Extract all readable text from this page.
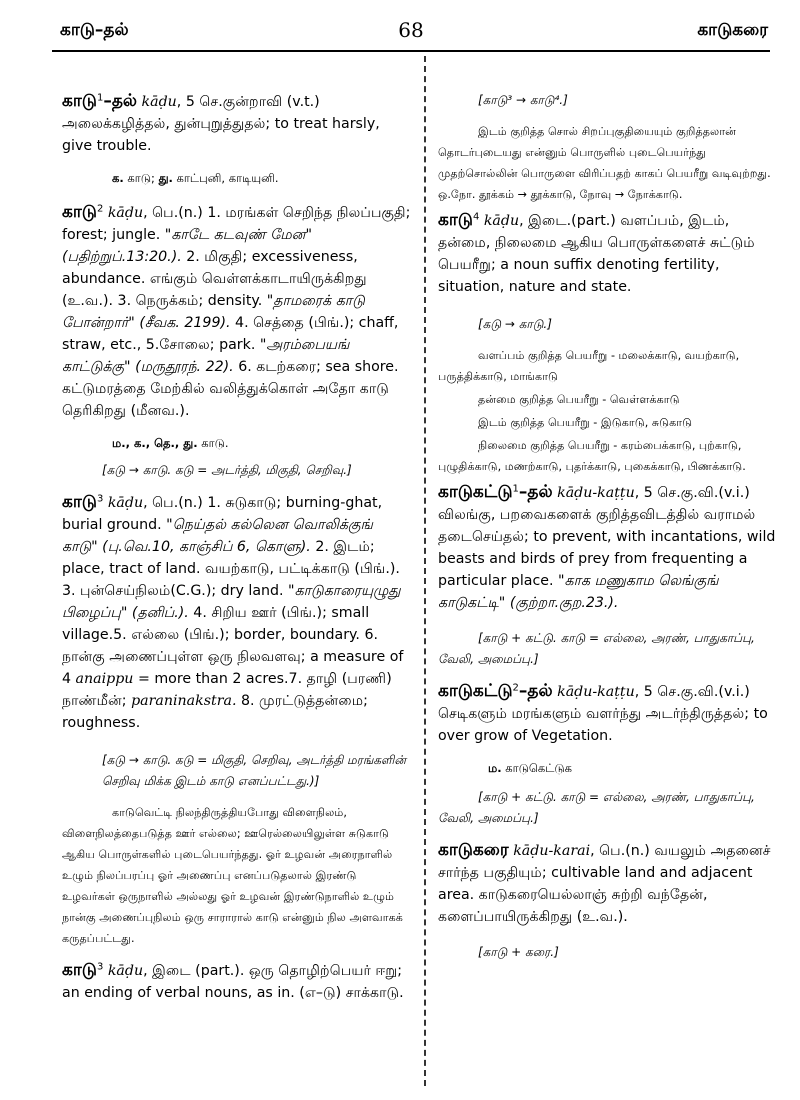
காடு–தல்	68	காடுகரை

காடு$^1$–தல் kāḍu, 5 செ.குன்றாவி (v.t.) அலைக்கழித்தல், துன்புறுத்துதல்; to treat harsly, give trouble.

க. காடு; து. காட்புனி, காடியுனி.

காடு$^2$ kāḍu, பெ.(n.) 1. மரங்கள் செறிந்த நிலப்பகுதி; forest; jungle. "காடே கடவுண் மேன" (பதிற்றுப்.13:20.). 2. மிகுதி; excessiveness, abundance. எங்கும் வெள்ளக்காடாயிருக்கிறது (உ.வ.). 3. நெருக்கம்; density. "தாமரைக் காடு போன்றார்" (சீவக. 2199). 4. செத்தை (பிங்.); chaff, straw, etc., 5.சோலை; park. "அரம்பையங் காட்டுக்கு" (மருதூரந். 22). 6. கடற்கரை; sea shore. கட்டுமரத்தை மேற்கில் வலித்துக்கொள் அதோ காடு தெரிகிறது (மீனவ.).

ம., க., தெ., து. காடு.

[கடு → காடு. கடு = அடர்த்தி, மிகுதி, செறிவு.]

காடு$^3$ kāḍu, பெ.(n.) 1. சுடுகாடு; burning-ghat, burial ground. "நெய்தல் கல்லென வொலிக்குங் காடு" (பு.வெ.10, காஞ்சிப் 6, கொளு). 2. இடம்; place, tract of land. வயற்காடு, பட்டிக்காடு (பிங்.). 3. புன்செய்நிலம்(C.G.); dry land. "காடுகாரையுழுது பிழைப்பு" (தனிப்.). 4. சிறிய ஊர் (பிங்.); small village.5. எல்லை (பிங்.); border, boundary. 6. நான்கு அணைப்புள்ள ஒரு நிலவளவு; a measure of 4 anaippu = more than 2 acres.7. தாழி (பரணி) நாண்மீன்; paraninakstra. 8. முரட்டுத்தன்மை; roughness.

[கடு → காடு. கடு = மிகுதி, செறிவு, அடர்த்தி மரங்களின் செறிவு மிக்க இடம் காடு எனப்பட்டது.)]

காடுவெட்டி நிலந்திருத்தியபோது விளைநிலம், விளைநிலத்தைபடுத்த ஊர் எல்லை; ஊரெல்லையிலுள்ள சுடுகாடு ஆகிய பொருள்களில் புடைபெயர்ந்தது. ஓர் உழவன் அரைநாளில் உழும் நிலப்பரப்பு ஓர் அணைப்பு எனப்படுதலால் இரண்டு உழவர்கள் ஒருநாளில் அல்லது ஓர் உழவன் இரண்டுநாளில் உழும் நான்கு அணைப்புநிலம் ஒரு சாராரால் காடு என்னும் நில அளவாகக் கருதப்பட்டது.

காடு$^3$ kāḍu, இடை (part.). ஒரு தொழிற்பெயர் ஈறு; an ending of verbal nouns, as in. (எ–டு) சாக்காடு.

[காடு³ → காடு⁴.]

இடம் குறித்த சொல் சிறப்புகுதியையும் குறித்தலான் தொடர்புடையது என்னும் பொருளில் புடைபெயர்ந்து முதற்சொல்லின் பொருளை விரிப்பதற் காகப் பெயரீறு வடிவுற்றது. ஒ.நோ. தூக்கம் → தூக்காடு, நோவு → நோக்காடு.

காடு$^4$ kāḍu, இடை.(part.) வளப்பம், இடம், தன்மை, நிலைமை ஆகிய பொருள்களைச் சுட்டும் பெயரீறு; a noun suffix denoting fertility, situation, nature and state.

[கடு → காடு.]

வளப்பம் குறித்த பெயரீறு - மலைக்காடு, வயற்காடு, பருத்திக்காடு, மாங்காடு

தன்மை குறித்த பெயரீறு - வெள்ளக்காடு

இடம் குறித்த பெயரீறு - இடுகாடு, சுடுகாடு

நிலைமை குறித்த பெயரீறு - கரம்பைக்காடு, புற்காடு, புழுதிக்காடு, மணற்காடு, புதர்க்காடு, புகைக்காடு, பிணக்காடு.

காடுகட்டு$^1$–தல் kāḍu-kaṭṭu, 5 செ.கு.வி.(v.i.) விலங்கு, பறவைகளைக் குறித்தவிடத்தில் வராமல் தடைசெய்தல்; to prevent, with incantations, wild beasts and birds of prey from frequenting a particular place. "காக மணுகாம லெங்குங் காடுகட்டி" (குற்றா.குற.23.).

[காடு + கட்டு. காடு = எல்லை, அரண், பாதுகாப்பு, வேலி, அமைப்பு.]

காடுகட்டு$^2$–தல் kāḍu-kaṭṭu, 5 செ.கு.வி.(v.i.) செடிகளும் மரங்களும் வளர்ந்து அடர்ந்திருத்தல்; to over grow of Vegetation.

ம. காடுகெட்டுக

[காடு + கட்டு. காடு = எல்லை, அரண், பாதுகாப்பு, வேலி, அமைப்பு.]

காடுகரை kāḍu-karai, பெ.(n.) வயலும் அதனைச் சார்ந்த பகுதியும்; cultivable land and adjacent area. காடுகரையெல்லாஞ் சுற்றி வந்தேன், களைப்பாயிருக்கிறது (உ.வ.).

[காடு + கரை.]
